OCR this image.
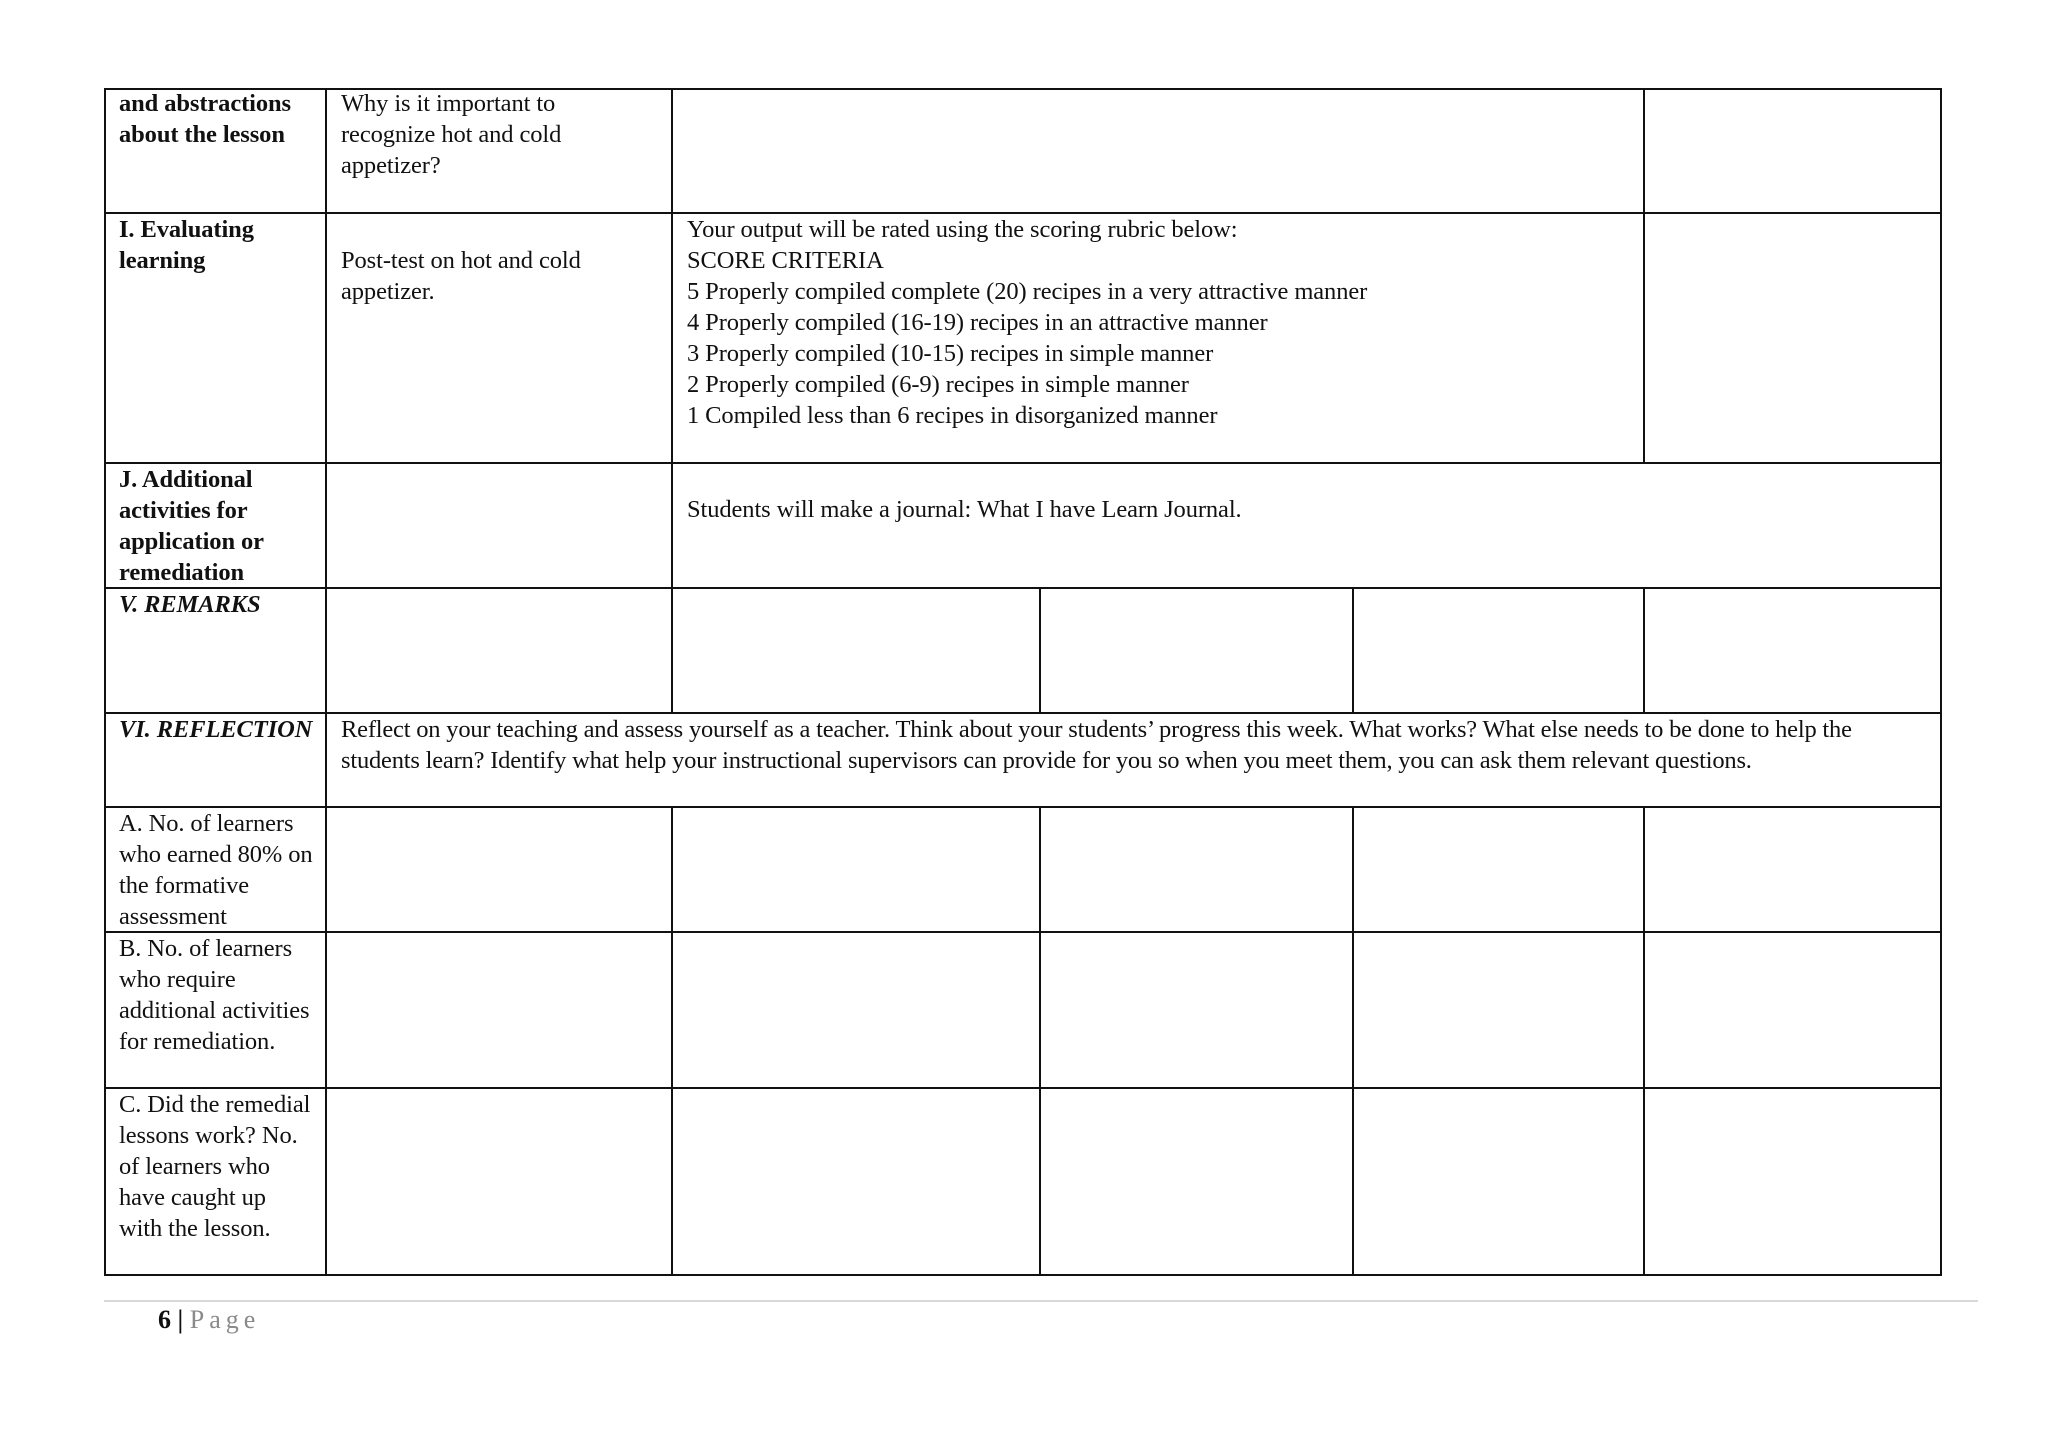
and abstractions about the lesson
Why is it important to recognize hot and cold appetizer?
I. Evaluating learning	Post-test on hot and cold appetizer.
Your output will be rated using the scoring rubric below:
SCORE CRITERIA
5 Properly compiled complete (20) recipes in a very attractive manner
4 Properly compiled (16-19) recipes in an attractive manner
3 Properly compiled (10-15) recipes in simple manner
2 Properly compiled (6-9) recipes in simple manner
1 Compiled less than 6 recipes in disorganized manner
J. Additional activities for application or remediation
Students will make a journal: What I have Learn Journal.
V. REMARKS
VI. REFLECTION	Reflect on your teaching and assess yourself as a teacher. Think about your students’ progress this week. What works? What else needs to be done to help the students learn? Identify what help your instructional supervisors can provide for you so when you meet them, you can ask them relevant questions.
A. No. of learners who earned 80% on the formative assessment
B. No. of learners who require additional activities for remediation.
C. Did the remedial lessons work? No. of learners who have caught up with the lesson.
6 | Page
